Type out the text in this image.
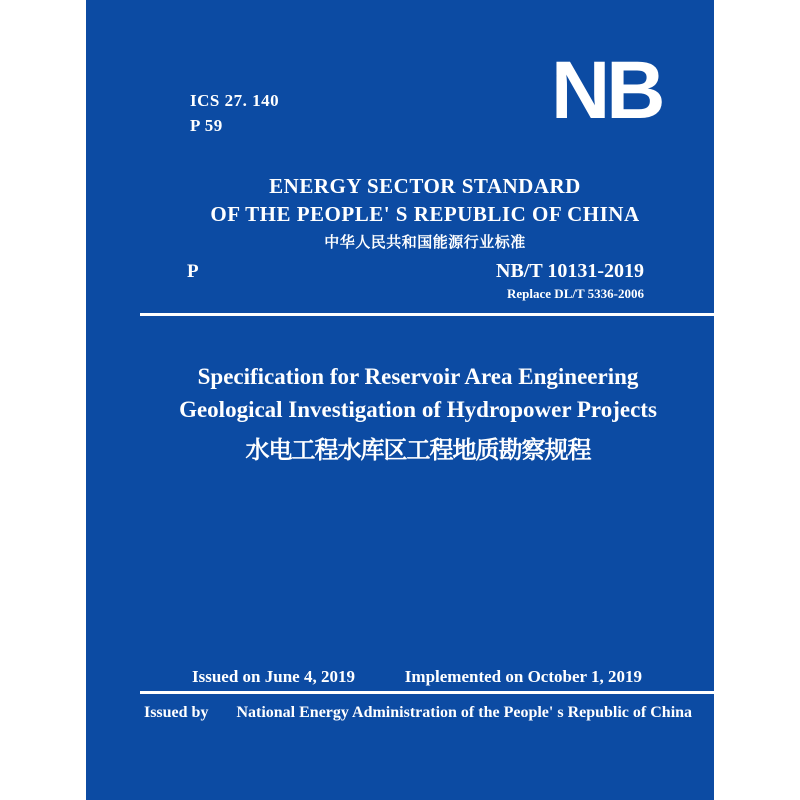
ICS 27. 140
P 59	NB
ENERGY SECTOR STANDARD
OF THE PEOPLE' S REPUBLIC OF CHINA
中华人民共和国能源行业标准
P	NB/T 10131-2019
Replace DL/T 5336-2006
Specification for Reservoir Area Engineering
Geological Investigation of Hydropower Projects
水电工程水库区工程地质勘察规程
Issued on June 4, 2019	Implemented on October 1, 2019
Issued by National Energy Administration of the People' s Republic of China
